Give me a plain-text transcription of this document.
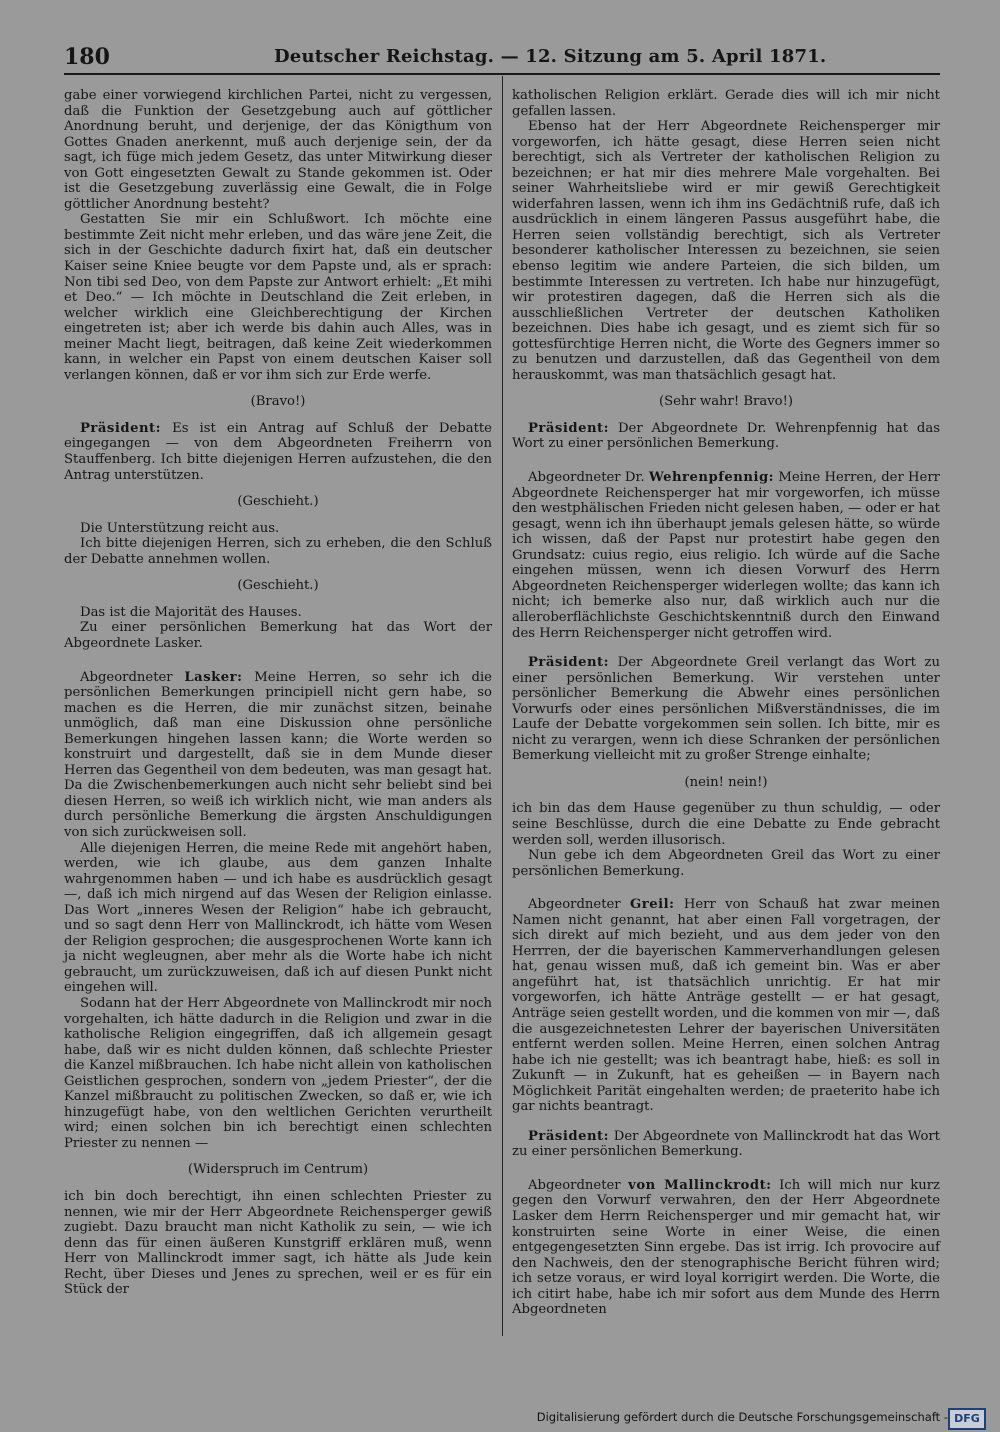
180	Deutscher Reichstag. — 12. Sitzung am 5. April 1871.

gabe einer vorwiegend kirchlichen Partei, nicht zu vergessen, daß die Funktion der Gesetzgebung auch auf göttlicher Anordnung beruht, und derjenige, der das Königthum von Gottes Gnaden anerkennt, muß auch derjenige sein, der da sagt, ich füge mich jedem Gesetz, das unter Mitwirkung dieser von Gott eingesetzten Gewalt zu Stande gekommen ist. Oder ist die Gesetzgebung zuverlässig eine Gewalt, die in Folge göttlicher Anordnung besteht?

Gestatten Sie mir ein Schlußwort. Ich möchte eine bestimmte Zeit nicht mehr erleben, und das wäre jene Zeit, die sich in der Geschichte dadurch fixirt hat, daß ein deutscher Kaiser seine Kniee beugte vor dem Papste und, als er sprach: Non tibi sed Deo, von dem Papste zur Antwort erhielt: „Et mihi et Deo.“ — Ich möchte in Deutschland die Zeit erleben, in welcher wirklich eine Gleichberechtigung der Kirchen eingetreten ist; aber ich werde bis dahin auch Alles, was in meiner Macht liegt, beitragen, daß keine Zeit wiederkommen kann, in welcher ein Papst von einem deutschen Kaiser soll verlangen können, daß er vor ihm sich zur Erde werfe.

(Bravo!)

Präsident: Es ist ein Antrag auf Schluß der Debatte eingegangen — von dem Abgeordneten Freiherrn von Stauffenberg. Ich bitte diejenigen Herren aufzustehen, die den Antrag unterstützen.

(Geschieht.)

Die Unterstützung reicht aus.

Ich bitte diejenigen Herren, sich zu erheben, die den Schluß der Debatte annehmen wollen.

(Geschieht.)

Das ist die Majorität des Hauses.

Zu einer persönlichen Bemerkung hat das Wort der Abgeordnete Lasker.

Abgeordneter Lasker: Meine Herren, so sehr ich die persönlichen Bemerkungen principiell nicht gern habe, so machen es die Herren, die mir zunächst sitzen, beinahe unmöglich, daß man eine Diskussion ohne persönliche Bemerkungen hingehen lassen kann; die Worte werden so konstruirt und dargestellt, daß sie in dem Munde dieser Herren das Gegentheil von dem bedeuten, was man gesagt hat. Da die Zwischenbemerkungen auch nicht sehr beliebt sind bei diesen Herren, so weiß ich wirklich nicht, wie man anders als durch persönliche Bemerkung die ärgsten Anschuldigungen von sich zurückweisen soll.

Alle diejenigen Herren, die meine Rede mit angehört haben, werden, wie ich glaube, aus dem ganzen Inhalte wahrgenommen haben — und ich habe es ausdrücklich gesagt —, daß ich mich nirgend auf das Wesen der Religion einlasse. Das Wort „inneres Wesen der Religion“ habe ich gebraucht, und so sagt denn Herr von Mallinckrodt, ich hätte vom Wesen der Religion gesprochen; die ausgesprochenen Worte kann ich ja nicht wegleugnen, aber mehr als die Worte habe ich nicht gebraucht, um zurückzuweisen, daß ich auf diesen Punkt nicht eingehen will.

Sodann hat der Herr Abgeordnete von Mallinckrodt mir noch vorgehalten, ich hätte dadurch in die Religion und zwar in die katholische Religion eingegriffen, daß ich allgemein gesagt habe, daß wir es nicht dulden können, daß schlechte Priester die Kanzel mißbrauchen. Ich habe nicht allein von katholischen Geistlichen gesprochen, sondern von „jedem Priester“, der die Kanzel mißbraucht zu politischen Zwecken, so daß er, wie ich hinzugefügt habe, von den weltlichen Gerichten verurtheilt wird; einen solchen bin ich berechtigt einen schlechten Priester zu nennen —

(Widerspruch im Centrum)

ich bin doch berechtigt, ihn einen schlechten Priester zu nennen, wie mir der Herr Abgeordnete Reichensperger gewiß zugiebt. Dazu braucht man nicht Katholik zu sein, — wie ich denn das für einen äußeren Kunstgriff erklären muß, wenn Herr von Mallinckrodt immer sagt, ich hätte als Jude kein Recht, über Dieses und Jenes zu sprechen, weil er es für ein Stück der

katholischen Religion erklärt. Gerade dies will ich mir nicht gefallen lassen.

Ebenso hat der Herr Abgeordnete Reichensperger mir vorgeworfen, ich hätte gesagt, diese Herren seien nicht berechtigt, sich als Vertreter der katholischen Religion zu bezeichnen; er hat mir dies mehrere Male vorgehalten. Bei seiner Wahrheitsliebe wird er mir gewiß Gerechtigkeit widerfahren lassen, wenn ich ihm ins Gedächtniß rufe, daß ich ausdrücklich in einem längeren Passus ausgeführt habe, die Herren seien vollständig berechtigt, sich als Vertreter besonderer katholischer Interessen zu bezeichnen, sie seien ebenso legitim wie andere Parteien, die sich bilden, um bestimmte Interessen zu vertreten. Ich habe nur hinzugefügt, wir protestiren dagegen, daß die Herren sich als die ausschließlichen Vertreter der deutschen Katholiken bezeichnen. Dies habe ich gesagt, und es ziemt sich für so gottesfürchtige Herren nicht, die Worte des Gegners immer so zu benutzen und darzustellen, daß das Gegentheil von dem herauskommt, was man thatsächlich gesagt hat.

(Sehr wahr! Bravo!)

Präsident: Der Abgeordnete Dr. Wehrenpfennig hat das Wort zu einer persönlichen Bemerkung.

Abgeordneter Dr. Wehrenpfennig: Meine Herren, der Herr Abgeordnete Reichensperger hat mir vorgeworfen, ich müsse den westphälischen Frieden nicht gelesen haben, — oder er hat gesagt, wenn ich ihn überhaupt jemals gelesen hätte, so würde ich wissen, daß der Papst nur protestirt habe gegen den Grundsatz: cuius regio, eius religio. Ich würde auf die Sache eingehen müssen, wenn ich diesen Vorwurf des Herrn Abgeordneten Reichensperger widerlegen wollte; das kann ich nicht; ich bemerke also nur, daß wirklich auch nur die alleroberflächlichste Geschichtskenntniß durch den Einwand des Herrn Reichensperger nicht getroffen wird.

Präsident: Der Abgeordnete Greil verlangt das Wort zu einer persönlichen Bemerkung. Wir verstehen unter persönlicher Bemerkung die Abwehr eines persönlichen Vorwurfs oder eines persönlichen Mißverständnisses, die im Laufe der Debatte vorgekommen sein sollen. Ich bitte, mir es nicht zu verargen, wenn ich diese Schranken der persönlichen Bemerkung vielleicht mit zu großer Strenge einhalte;

(nein! nein!)

ich bin das dem Hause gegenüber zu thun schuldig, — oder seine Beschlüsse, durch die eine Debatte zu Ende gebracht werden soll, werden illusorisch.

Nun gebe ich dem Abgeordneten Greil das Wort zu einer persönlichen Bemerkung.

Abgeordneter Greil: Herr von Schauß hat zwar meinen Namen nicht genannt, hat aber einen Fall vorgetragen, der sich direkt auf mich bezieht, und aus dem jeder von den Herrren, der die bayerischen Kammerverhandlungen gelesen hat, genau wissen muß, daß ich gemeint bin. Was er aber angeführt hat, ist thatsächlich unrichtig. Er hat mir vorgeworfen, ich hätte Anträge gestellt — er hat gesagt, Anträge seien gestellt worden, und die kommen von mir —, daß die ausgezeichnetesten Lehrer der bayerischen Universitäten entfernt werden sollen. Meine Herren, einen solchen Antrag habe ich nie gestellt; was ich beantragt habe, hieß: es soll in Zukunft — in Zukunft, hat es geheißen — in Bayern nach Möglichkeit Parität eingehalten werden; de praeterito habe ich gar nichts beantragt.

Präsident: Der Abgeordnete von Mallinckrodt hat das Wort zu einer persönlichen Bemerkung.

Abgeordneter von Mallinckrodt: Ich will mich nur kurz gegen den Vorwurf verwahren, den der Herr Abgeordnete Lasker dem Herrn Reichensperger und mir gemacht hat, wir konstruirten seine Worte in einer Weise, die einen entgegengesetzten Sinn ergebe. Das ist irrig. Ich provocire auf den Nachweis, den der stenographische Bericht führen wird; ich setze voraus, er wird loyal korrigirt werden. Die Worte, die ich citirt habe, habe ich mir sofort aus dem Munde des Herrn Abgeordneten

Digitalisierung gefördert durch die Deutsche Forschungsgemeinschaft - DFG
